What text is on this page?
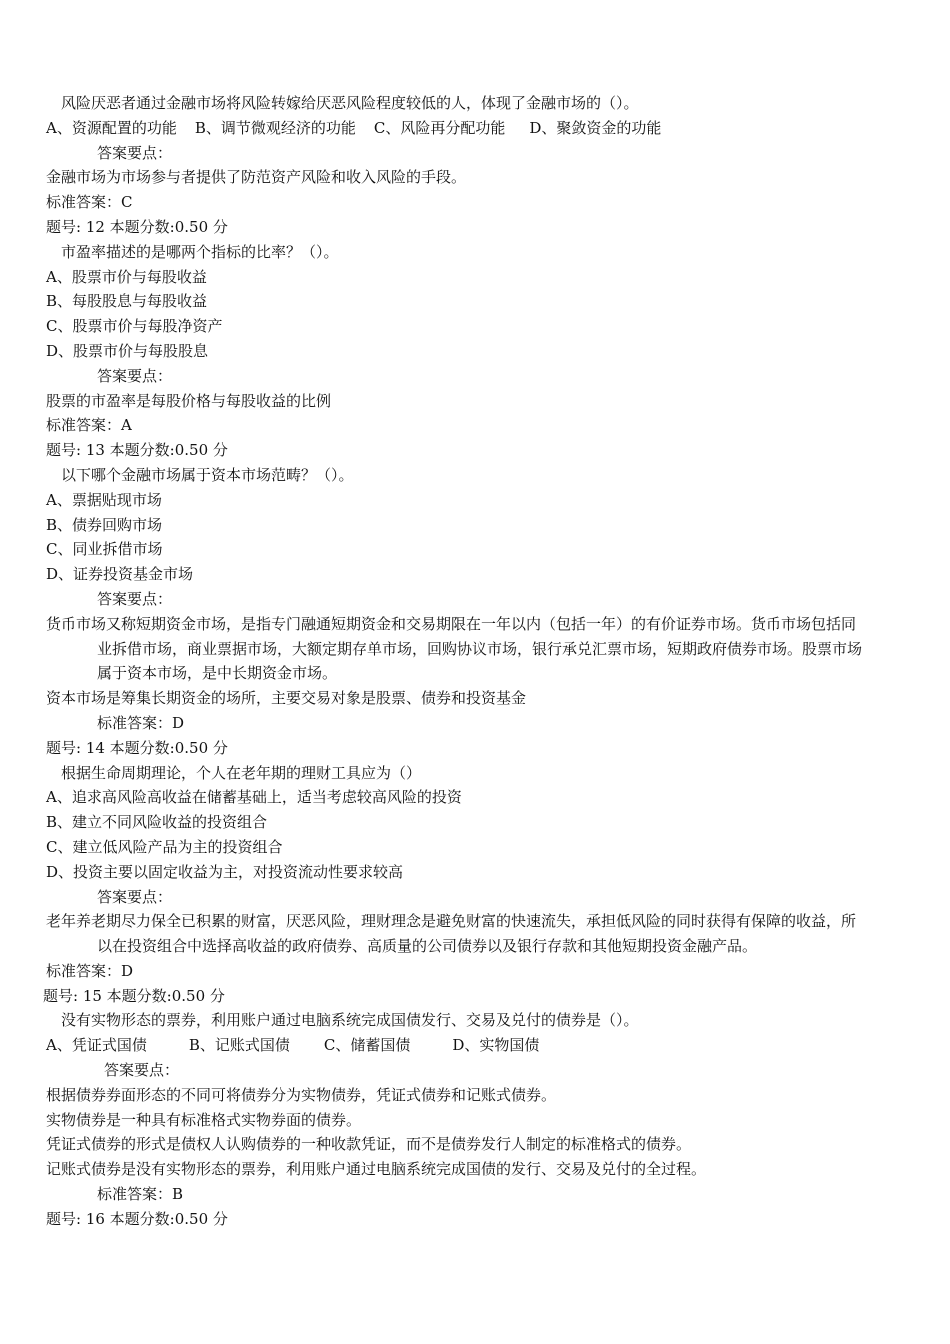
风险厌恶者通过金融市场将风险转嫁给厌恶风险程度较低的人，体现了金融市场的（）。
A、资源配置的功能 B、调节微观经济的功能 C、风险再分配功能 D、聚敛资金的功能
答案要点：
金融市场为市场参与者提供了防范资产风险和收入风险的手段。
标准答案：C
题号: 12 本题分数:0.50 分
市盈率描述的是哪两个指标的比率？（）。
A、股票市价与每股收益
B、每股股息与每股收益
C、股票市价与每股净资产
D、股票市价与每股股息
答案要点：
股票的市盈率是每股价格与每股收益的比例
标准答案：A
题号: 13 本题分数:0.50 分
以下哪个金融市场属于资本市场范畴？（）。
A、票据贴现市场
B、债券回购市场
C、同业拆借市场
D、证券投资基金市场
答案要点：
货币市场又称短期资金市场，是指专门融通短期资金和交易期限在一年以内（包括一年）的有价证券市场。货币市场包括同业拆借市场，商业票据市场，大额定期存单市场，回购协议市场，银行承兑汇票市场，短期政府债券市场。股票市场属于资本市场，是中长期资金市场。
资本市场是筹集长期资金的场所，主要交易对象是股票、债券和投资基金
标准答案：D
题号: 14 本题分数:0.50 分
根据生命周期理论，个人在老年期的理财工具应为（）
A、追求高风险高收益在储蓄基础上，适当考虑较高风险的投资
B、建立不同风险收益的投资组合
C、建立低风险产品为主的投资组合
D、投资主要以固定收益为主，对投资流动性要求较高
答案要点：
老年养老期尽力保全已积累的财富，厌恶风险，理财理念是避免财富的快速流失，承担低风险的同时获得有保障的收益，所以在投资组合中选择高收益的政府债券、高质量的公司债券以及银行存款和其他短期投资金融产品。
标准答案：D
题号: 15 本题分数:0.50 分
没有实物形态的票券，利用账户通过电脑系统完成国债发行、交易及兑付的债券是（）。
A、凭证式国债	B、记账式国债 C、储蓄国债	D、实物国债
答案要点：
根据债券券面形态的不同可将债券分为实物债券，凭证式债券和记账式债券。
实物债券是一种具有标准格式实物券面的债券。
凭证式债券的形式是债权人认购债券的一种收款凭证，而不是债券发行人制定的标准格式的债券。
记账式债券是没有实物形态的票券，利用账户通过电脑系统完成国债的发行、交易及兑付的全过程。
标准答案：B
题号: 16 本题分数:0.50 分
